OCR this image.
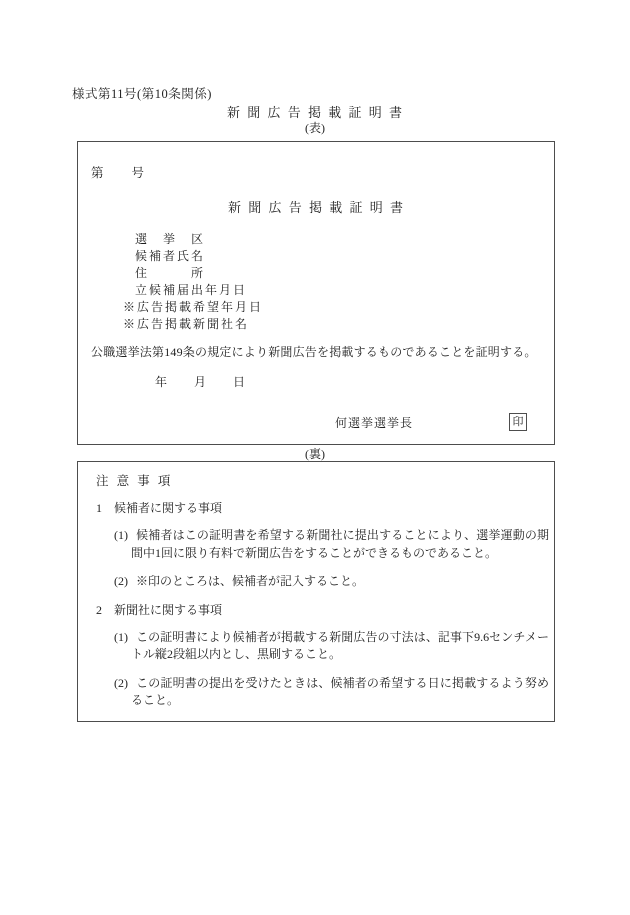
様式第11号(第10条関係)
新 聞 広 告 掲 載 証 明 書
(表)
第　　号
新 聞 広 告 掲 載 証 明 書
選　挙　区
候補者氏名
住　　　所
立候補届出年月日
※広告掲載希望年月日
※広告掲載新聞社名
公職選挙法第149条の規定により新聞広告を掲載するものであることを証明する。
年　　月　　日
何選挙選挙長	印
(裏)
注 意 事 項
1 候補者に関する事項
(1) 候補者はこの証明書を希望する新聞社に提出することにより、選挙運動の期間中1回に限り有料で新聞広告をすることができるものであること。
(2) ※印のところは、候補者が記入すること。
2 新聞社に関する事項
(1) この証明書により候補者が掲載する新聞広告の寸法は、記事下9.6センチメートル縦2段組以内とし、黒刷すること。
(2) この証明書の提出を受けたときは、候補者の希望する日に掲載するよう努めること。
